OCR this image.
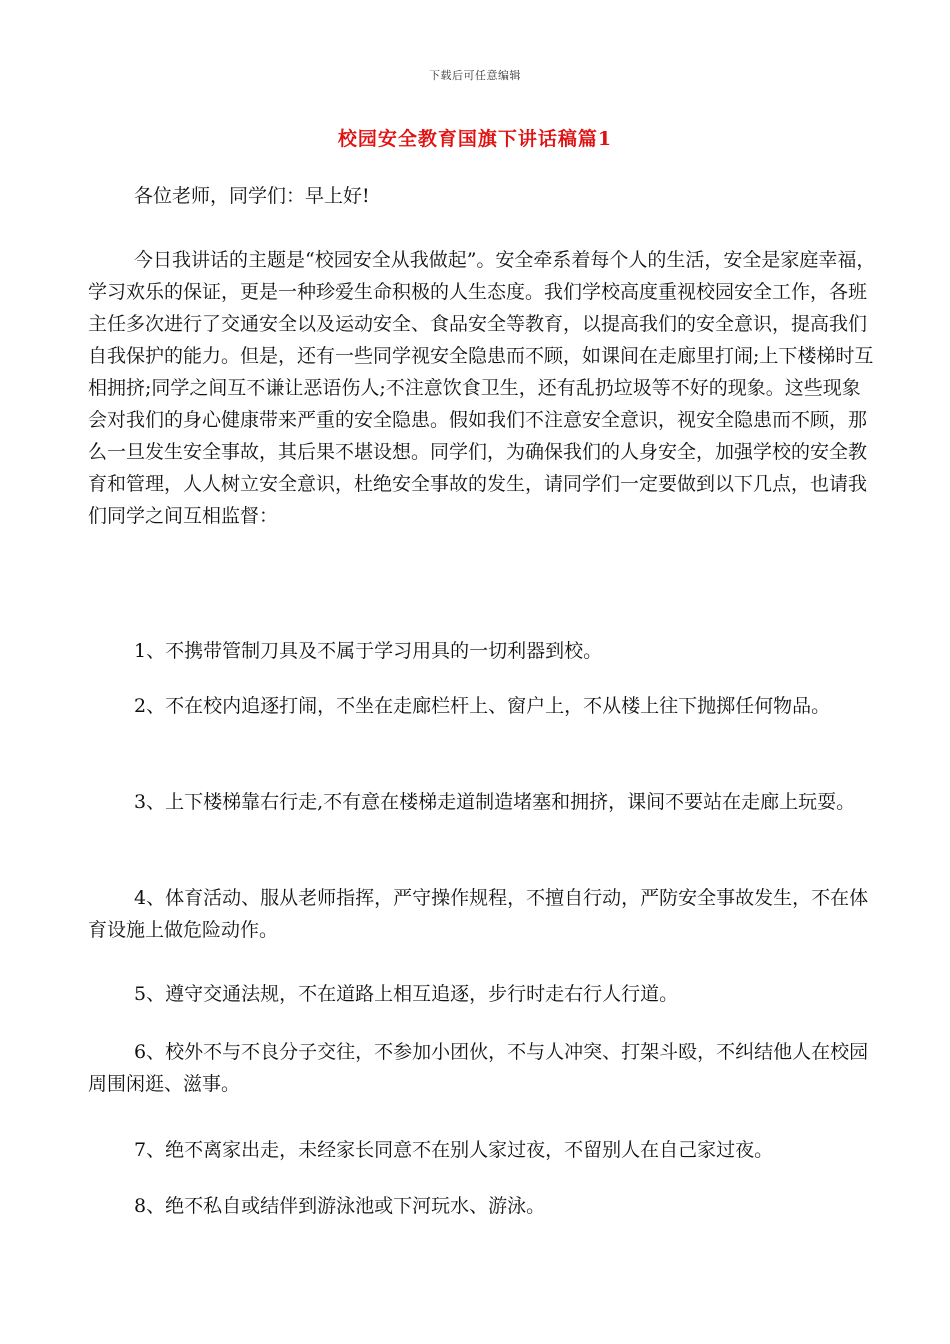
下载后可任意编辑
校园安全教育国旗下讲话稿篇1

各位老师，同学们：早上好!

今日我讲话的主题是“校园安全从我做起”。安全牵系着每个人的生活，安全是家庭幸福，学习欢乐的保证，更是一种珍爱生命积极的人生态度。我们学校高度重视校园安全工作，各班主任多次进行了交通安全以及运动安全、食品安全等教育，以提高我们的安全意识，提高我们自我保护的能力。但是，还有一些同学视安全隐患而不顾，如课间在走廊里打闹;上下楼梯时互相拥挤;同学之间互不谦让恶语伤人;不注意饮食卫生，还有乱扔垃圾等不好的现象。这些现象会对我们的身心健康带来严重的安全隐患。假如我们不注意安全意识，视安全隐患而不顾，那么一旦发生安全事故，其后果不堪设想。同学们，为确保我们的人身安全，加强学校的安全教育和管理，人人树立安全意识，杜绝安全事故的发生，请同学们一定要做到以下几点，也请我们同学之间互相监督：

1、不携带管制刀具及不属于学习用具的一切利器到校。

2、不在校内追逐打闹，不坐在走廊栏杆上、窗户上，不从楼上往下抛掷任何物品。

3、上下楼梯靠右行走,不有意在楼梯走道制造堵塞和拥挤，课间不要站在走廊上玩耍。

4、体育活动、服从老师指挥，严守操作规程，不擅自行动，严防安全事故发生，不在体育设施上做危险动作。

5、遵守交通法规，不在道路上相互追逐，步行时走右行人行道。

6、校外不与不良分子交往，不参加小团伙，不与人冲突、打架斗殴，不纠结他人在校园周围闲逛、滋事。

7、绝不离家出走，未经家长同意不在别人家过夜，不留别人在自己家过夜。

8、绝不私自或结伴到游泳池或下河玩水、游泳。
